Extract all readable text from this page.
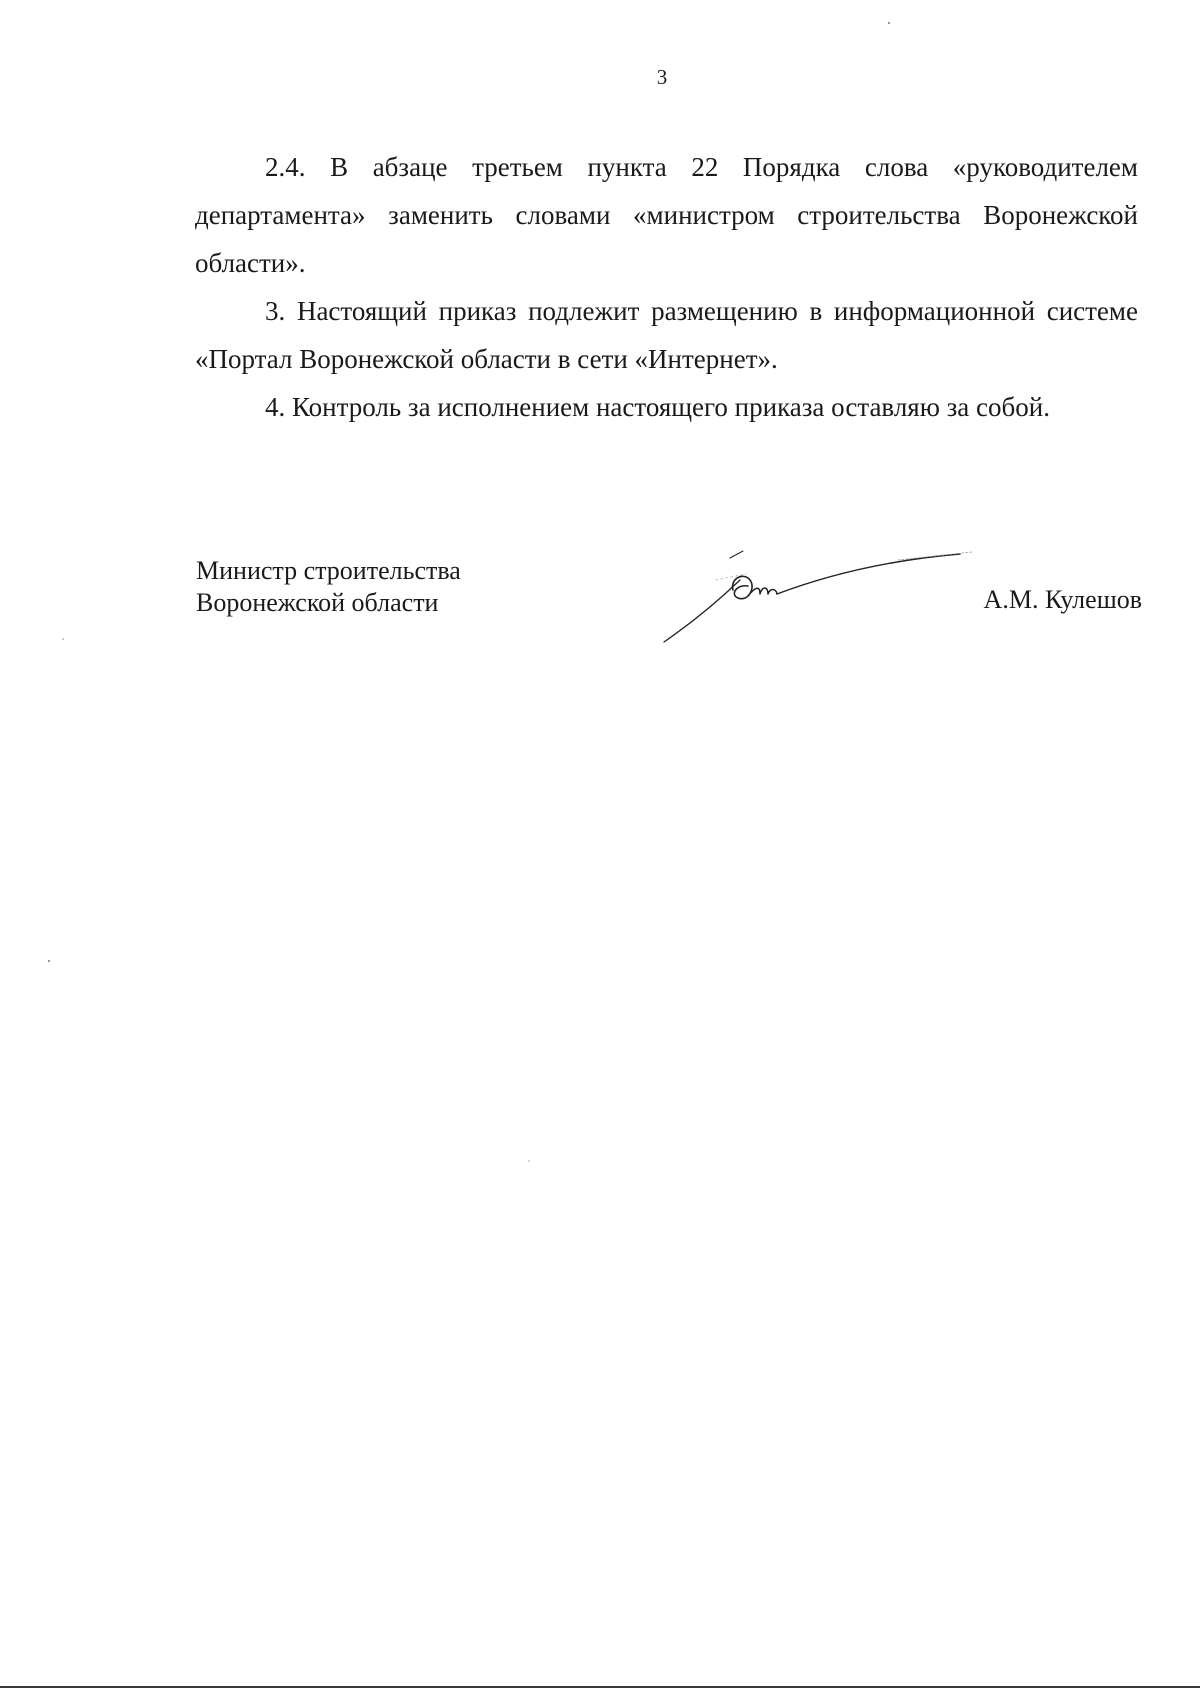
3

2.4. В абзаце третьем пункта 22 Порядка слова «руководителем департамента» заменить словами «министром строительства Воронежской области».

3. Настоящий приказ подлежит размещению в информационной системе «Портал Воронежской области в сети «Интернет».

4. Контроль за исполнением настоящего приказа оставляю за собой.

Министр строительства
Воронежской области	А.М. Кулешов
